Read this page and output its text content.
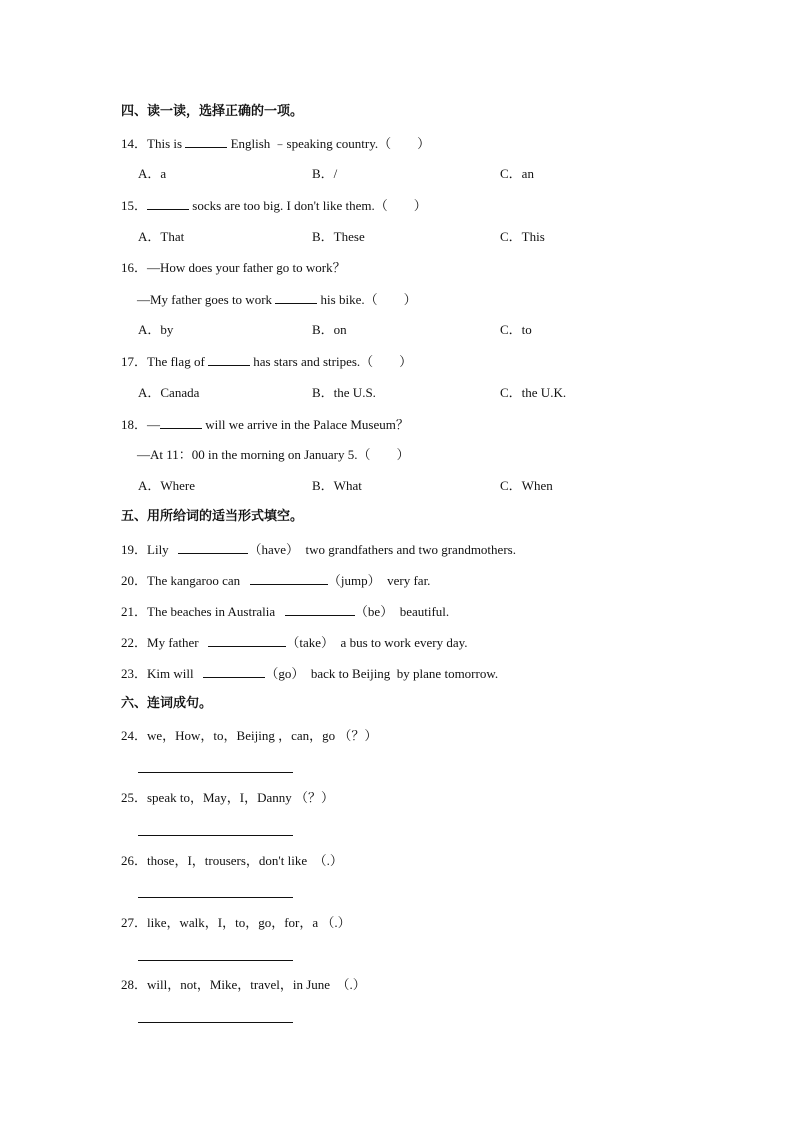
四、读一读，选择正确的一项。
14．This is	English ﹣speaking country.（　　）
A．a	B．/	C．an
15．	socks are too big. I don't like them.（　　）
A．That	B．These	C．This
16．—How does your father go to work？
—My father goes to work	his bike.（　　）
A．by	B．on	C．to
17．The flag of	has stars and stripes.（　　）
A．Canada	B．the U.S.	C．the U.K.
18．—	will we arrive in the Palace Museum？
—At 11：00 in the morning on January 5.（　　）
A．Where	B．What	C．When
五、用所给词的适当形式填空。
19．Lily	（have）  two grandfathers and two grandmothers.
20．The kangaroo can	（jump）  very far.
21．The beaches in Australia	（be）  beautiful.
22．My father	（take）  a bus to work every day.
23．Kim will	（go）  back to Beijing  by plane tomorrow.
六、连词成句。
24．we，How，to，Beijing ，can，go （？）
25．speak to，May，I，Danny （？）
26．those，I，trousers，don't like  （.）
27．like，walk，I，to，go，for，a （.）
28．will，not，Mike，travel，in June  （.）
